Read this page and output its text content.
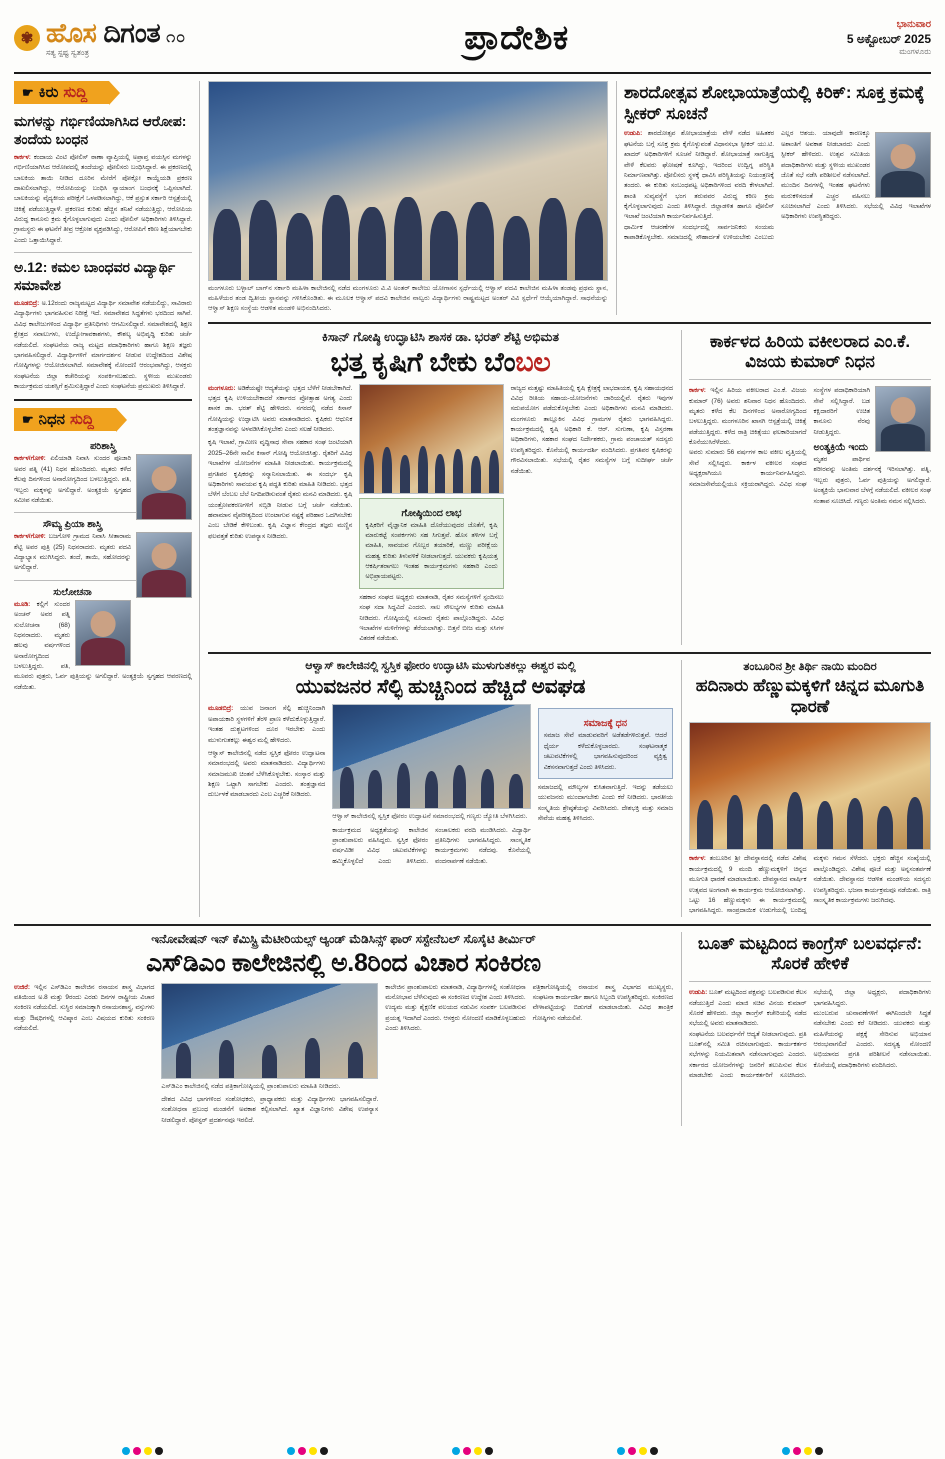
✾ ಹೊಸ ದಿಗಂತ
ಸತ್ಯ ಸ್ಪಷ್ಟ ಸ್ವತಂತ್ರ
೧೦	ಪ್ರಾದೇಶಿಕ	ಭಾನುವಾರ
5 ಅಕ್ಟೋಬರ್ 2025
ಮಂಗಳೂರು
☛ ಕಿರು ಸುದ್ದಿ
ಮಗಳನ್ನು ಗರ್ಭಿಣಿಯಾಗಿಸಿದ ಆರೋಪ: ತಂದೆಯ ಬಂಧನ
ಕಾರ್ಕಳ: ಕಂದಾಯ ವಿಂಟಿ ಪೋಲಿಸ್ ಠಾಣಾ ವ್ಯಾಪ್ತಿಯಲ್ಲಿ ಅಪ್ರಾಪ್ತ ವಯಸ್ಸಿನ ಮಗಳನ್ನು ಗರ್ಭಿಣಿಯಾಗಿಸಿದ ಆರೋಪದಲ್ಲಿ ತಂದೆಯನ್ನು ಪೋಲಿಸರು ಬಂಧಿಸಿದ್ದಾರೆ. ಈ ಪ್ರಕರಣದಲ್ಲಿ ಬಾಲಕಿಯ ತಾಯಿ ನೀಡಿದ ದೂರಿನ ಮೇರೆಗೆ ಪೋಕ್ಸೋ ಕಾಯ್ದೆಯಡಿ ಪ್ರಕರಣ ದಾಖಲಿಸಲಾಗಿದ್ದು, ಆರೋಪಿಯನ್ನು ಬಂಧಿಸಿ ನ್ಯಾಯಾಂಗ ಬಂಧನಕ್ಕೆ ಒಪ್ಪಿಸಲಾಗಿದೆ. ಬಾಲಕಿಯನ್ನು ವೈದ್ಯಕೀಯ ಪರೀಕ್ಷೆಗೆ ಒಳಪಡಿಸಲಾಗಿದ್ದು, ಆಕೆ ಪ್ರಸ್ತುತ ಸರ್ಕಾರಿ ಆಸ್ಪತ್ರೆಯಲ್ಲಿ ಚಿಕಿತ್ಸೆ ಪಡೆಯುತ್ತಿದ್ದಾಳೆ. ಪ್ರಕರಣದ ಕುರಿತು ಹೆಚ್ಚಿನ ತನಿಖೆ ನಡೆಯುತ್ತಿದ್ದು, ಆರೋಪಿಯ ವಿರುದ್ಧ ಕಾನೂನು ಕ್ರಮ ಕೈಗೊಳ್ಳಲಾಗುವುದು ಎಂದು ಪೋಲಿಸ್ ಅಧಿಕಾರಿಗಳು ತಿಳಿಸಿದ್ದಾರೆ. ಗ್ರಾಮಸ್ಥರು ಈ ಘಟನೆಗೆ ತೀವ್ರ ಆಕ್ರೋಶ ವ್ಯಕ್ತಪಡಿಸಿದ್ದು, ಆರೋಪಿಗೆ ಕಠಿಣ ಶಿಕ್ಷೆಯಾಗಬೇಕು ಎಂದು ಒತ್ತಾಯಿಸಿದ್ದಾರೆ.
ಅ.12: ಕಮಲ ಬಾಂಧವರ ವಿದ್ಯಾರ್ಥಿ ಸಮಾವೇಶ
ಮೂಡಬಿದ್ರೆ: ಅ.12ರಂದು ರಾಜ್ಯಮಟ್ಟದ ವಿದ್ಯಾರ್ಥಿ ಸಮಾವೇಶ ನಡೆಯಲಿದ್ದು, ಸಾವಿರಾರು ವಿದ್ಯಾರ್ಥಿಗಳು ಭಾಗವಹಿಸುವ ನಿರೀಕ್ಷೆ ಇದೆ. ಸಮಾವೇಶದ ಸಿದ್ಧತೆಗಳು ಭರದಿಂದ ಸಾಗಿವೆ. ವಿವಿಧ ಕಾಲೇಜುಗಳಿಂದ ವಿದ್ಯಾರ್ಥಿ ಪ್ರತಿನಿಧಿಗಳು ಆಗಮಿಸಲಿದ್ದಾರೆ. ಸಮಾವೇಶದಲ್ಲಿ ಶಿಕ್ಷಣ ಕ್ಷೇತ್ರದ ಸವಾಲುಗಳು, ಉದ್ಯೋಗಾವಕಾಶಗಳು, ಕೌಶಲ್ಯ ಅಭಿವೃದ್ಧಿ ಕುರಿತು ಚರ್ಚೆ ನಡೆಯಲಿದೆ. ಸಂಘಟನೆಯ ರಾಜ್ಯ ಮಟ್ಟದ ಪದಾಧಿಕಾರಿಗಳು ಹಾಗೂ ಶಿಕ್ಷಣ ತಜ್ಞರು ಭಾಗವಹಿಸಲಿದ್ದಾರೆ. ವಿದ್ಯಾರ್ಥಿಗಳಿಗೆ ಮಾರ್ಗದರ್ಶನ ನೀಡುವ ಉದ್ದೇಶದಿಂದ ವಿಶೇಷ ಗೋಷ್ಠಿಗಳನ್ನು ಆಯೋಜಿಸಲಾಗಿದೆ. ಸಮಾವೇಶಕ್ಕೆ ನೋಂದಣಿ ಆರಂಭವಾಗಿದ್ದು, ಆಸಕ್ತರು ಸಂಘಟನೆಯ ಜಿಲ್ಲಾ ಕಚೇರಿಯನ್ನು ಸಂಪರ್ಕಿಸಬಹುದು. ಸ್ಥಳೀಯ ಮುಖಂಡರು ಕಾರ್ಯಕ್ರಮದ ಯಶಸ್ಸಿಗೆ ಶ್ರಮಿಸುತ್ತಿದ್ದಾರೆ ಎಂದು ಸಂಘಟನೆಯ ಪ್ರಮುಖರು ತಿಳಿಸಿದ್ದಾರೆ.
☛ ನಿಧನ ಸುದ್ದಿ
ಪರಿಶಾಸ್ತ್ರಿ
ಕಾರ್ಕಳ/ಗೋಳಿ: ಏಲಿಯಾಡಿ ನಿವಾಸಿ ಸುಂದರ ಪೂಜಾರಿ ಅವರ ಪತ್ನಿ (41) ನಿಧನ ಹೊಂದಿದರು. ಮೃತರು ಕಳೆದ ಕೆಲವು ದಿನಗಳಿಂದ ಅನಾರೋಗ್ಯದಿಂದ ಬಳಲುತ್ತಿದ್ದರು. ಪತಿ, ಇಬ್ಬರು ಮಕ್ಕಳನ್ನು ಅಗಲಿದ್ದಾರೆ. ಅಂತ್ಯಕ್ರಿಯೆ ಸ್ವಗೃಹದ ಸಮೀಪ ನಡೆಯಿತು.
ಸೌಮ್ಯ ಪ್ರಿಯಾ ಶಾಸ್ತ್ರಿ
ಕಾರ್ಕಳ/ಗೋಳಿ: ಬಜಗೋಳಿ ಗ್ರಾಮದ ನಿವಾಸಿ ಸೀತಾರಾಮ ಶೆಟ್ಟಿ ಅವರ ಪುತ್ರಿ (25) ನಿಧನರಾದರು. ಮೃತರು ಪದವಿ ವಿದ್ಯಾಭ್ಯಾಸ ಮುಗಿಸಿದ್ದರು. ತಂದೆ, ತಾಯಿ, ಸಹೋದರನ್ನು ಅಗಲಿದ್ದಾರೆ.
ಸುಲೋಚನಾ
ಮೂಡಿ: ಕಲ್ಲಿಗೆ ಸುಂದರ ಅಂಚನ್ ಅವರ ಪತ್ನಿ ಸುಲೋಚನಾ (68) ನಿಧನರಾದರು. ಮೃತರು ಹಲವು ವರ್ಷಗಳಿಂದ ಅನಾರೋಗ್ಯದಿಂದ ಬಳಲುತ್ತಿದ್ದರು. ಪತಿ, ಮೂವರು ಪುತ್ರರು, ಓರ್ವ ಪುತ್ರಿಯನ್ನು ಅಗಲಿದ್ದಾರೆ. ಅಂತ್ಯಕ್ರಿಯೆ ಸ್ವಗೃಹದ ಆವರಣದಲ್ಲಿ ನಡೆಯಿತು.
ಮಂಗಳೂರು ಬಳ್ಳಾಲ್ ಬಾಗ್‌ನ ಸರ್ಕಾರಿ ಮಹಿಳಾ ಕಾಲೇಜಿನಲ್ಲಿ ನಡೆದ ಮಂಗಳೂರು ವಿ.ವಿ ಅಂತರ್ ಕಾಲೇಜು ಯೋಗಾಸನ ಸ್ಪರ್ಧೆಯಲ್ಲಿ ಆಳ್ವಾಸ್ ಪದವಿ ಕಾಲೇಜಿನ ಮಹಿಳಾ ತಂಡವು ಪ್ರಥಮ ಸ್ಥಾನ, ಮಹಿಳೆಯರ ತಂಡ ದ್ವಿತೀಯ ಸ್ಥಾನವನ್ನು ಗಳಿಸಿಕೊಂಡಿತು. ಈ ಮೂಲಕ ಆಳ್ವಾಸ್ ಪದವಿ ಕಾಲೇಜಿನ ನಾಲ್ವರು ವಿದ್ಯಾರ್ಥಿಗಳು ರಾಷ್ಟ್ರಮಟ್ಟದ ಅಂತರ್ ವಿವಿ ಸ್ಪರ್ಧೆಗೆ ಆಯ್ಕೆಯಾಗಿದ್ದಾರೆ. ಸಾಧನೆಯನ್ನು ಆಳ್ವಾಸ್ ಶಿಕ್ಷಣ ಸಂಸ್ಥೆಯ ಆಡಳಿತ ಮಂಡಳಿ ಅಭಿನಂದಿಸಿದರು.
ಶಾರದೋತ್ಸವ ಶೋಭಾಯಾತ್ರೆಯಲ್ಲಿ ಕಿರಿಕ್: ಸೂಕ್ತ ಕ್ರಮಕ್ಕೆ ಸ್ಪೀಕರ್ ಸೂಚನೆ
ಉಡುಪಿ: ಶಾರದೋತ್ಸವ ಶೋಭಾಯಾತ್ರೆಯ ವೇಳೆ ನಡೆದ ಅಹಿತಕರ ಘಟನೆಯ ಬಗ್ಗೆ ಸೂಕ್ತ ಕ್ರಮ ಕೈಗೊಳ್ಳುವಂತೆ ವಿಧಾನಸಭಾ ಸ್ಪೀಕರ್ ಯು.ಟಿ. ಖಾದರ್ ಅಧಿಕಾರಿಗಳಿಗೆ ಸೂಚನೆ ನೀಡಿದ್ದಾರೆ. ಶೋಭಾಯಾತ್ರೆ ಸಾಗುತ್ತಿದ್ದ ವೇಳೆ ಕೆಲವರು ಘೋಷಣೆ ಕೂಗಿದ್ದು, ಇದರಿಂದ ಉದ್ವಿಗ್ನ ಪರಿಸ್ಥಿತಿ ನಿರ್ಮಾಣವಾಗಿತ್ತು. ಪೋಲಿಸರು ಸ್ಥಳಕ್ಕೆ ಧಾವಿಸಿ ಪರಿಸ್ಥಿತಿಯನ್ನು ನಿಯಂತ್ರಣಕ್ಕೆ ತಂದರು. ಈ ಕುರಿತು ಸಂಬಂಧಪಟ್ಟ ಅಧಿಕಾರಿಗಳಿಂದ ವರದಿ ಕೇಳಲಾಗಿದೆ. ಶಾಂತಿ ಸುವ್ಯವಸ್ಥೆಗೆ ಭಂಗ ತರುವವರ ವಿರುದ್ಧ ಕಠಿಣ ಕ್ರಮ ಕೈಗೊಳ್ಳಲಾಗುವುದು ಎಂದು ತಿಳಿಸಿದ್ದಾರೆ. ಜಿಲ್ಲಾಡಳಿತ ಹಾಗೂ ಪೋಲಿಸ್ ಇಲಾಖೆ ಜಂಟಿಯಾಗಿ ಕಾರ್ಯನಿರ್ವಹಿಸುತ್ತಿದೆ.
ಧಾರ್ಮಿಕ ಆಚರಣೆಗಳ ಸಂದರ್ಭದಲ್ಲಿ ಸಾರ್ವಜನಿಕರು ಸಂಯಮ ಕಾಪಾಡಿಕೊಳ್ಳಬೇಕು. ಸಮಾಜದಲ್ಲಿ ಸೌಹಾರ್ದತೆ ಉಳಿಯಬೇಕು ಎಂಬುದು ಎಲ್ಲರ ಆಶಯ. ಯಾವುದೇ ಕಾರಣಕ್ಕೂ ಅಶಾಂತಿಗೆ ಅವಕಾಶ ನೀಡಬಾರದು ಎಂದು ಸ್ಪೀಕರ್ ಹೇಳಿದರು. ಉತ್ಸವ ಸಮಿತಿಯ ಪದಾಧಿಕಾರಿಗಳು ಮತ್ತು ಸ್ಥಳೀಯ ಮುಖಂಡರ ಜೊತೆ ಸಭೆ ನಡೆಸಿ ಪರಿಶೀಲನೆ ನಡೆಸಲಾಗಿದೆ. ಮುಂದಿನ ದಿನಗಳಲ್ಲಿ ಇಂತಹ ಘಟನೆಗಳು ಮರುಕಳಿಸದಂತೆ ಎಚ್ಚರ ವಹಿಸಲು ಸೂಚಿಸಲಾಗಿದೆ ಎಂದು ತಿಳಿಸಿದರು. ಸಭೆಯಲ್ಲಿ ವಿವಿಧ ಇಲಾಖೆಗಳ ಅಧಿಕಾರಿಗಳು ಉಪಸ್ಥಿತರಿದ್ದರು.
ಕಿಸಾನ್ ಗೋಷ್ಠಿ ಉದ್ಘಾಟಿಸಿ ಶಾಸಕ ಡಾ. ಭರತ್ ಶೆಟ್ಟಿ ಅಭಿಮತ
ಭತ್ತ ಕೃಷಿಗೆ ಬೇಕು ಬೆಂಬಲ
ಮಂಗಳೂರು: ಅಡಿಕೆಯಷ್ಟೇ ಆದ್ಯತೆಯನ್ನು ಭತ್ತದ ಬೆಳೆಗೆ ನೀಡಬೇಕಾಗಿದೆ. ಭತ್ತದ ಕೃಷಿ ಉಳಿಯಬೇಕಾದರೆ ಸರ್ಕಾರದ ಪ್ರೋತ್ಸಾಹ ಅಗತ್ಯ ಎಂದು ಶಾಸಕ ಡಾ. ಭರತ್ ಶೆಟ್ಟಿ ಹೇಳಿದರು. ನಗರದಲ್ಲಿ ನಡೆದ ಕಿಸಾನ್ ಗೋಷ್ಠಿಯನ್ನು ಉದ್ಘಾಟಿಸಿ ಅವರು ಮಾತನಾಡಿದರು. ಕೃಷಿಕರು ಆಧುನಿಕ ತಂತ್ರಜ್ಞಾನವನ್ನು ಅಳವಡಿಸಿಕೊಳ್ಳಬೇಕು ಎಂದು ಸಲಹೆ ನೀಡಿದರು.
ಕೃಷಿ ಇಲಾಖೆ, ಗ್ರಾಮೀಣ ವೃದ್ಧಿಸಾಧ ಸೇವಾ ಸಹಕಾರ ಸಂಘ ಜಂಟಿಯಾಗಿ 2025–26ನೇ ಸಾಲಿನ ಕಿಸಾನ್ ಗೋಷ್ಠಿ ಆಯೋಜಿಸಿತ್ತು. ರೈತರಿಗೆ ವಿವಿಧ ಇಲಾಖೆಗಳ ಯೋಜನೆಗಳ ಮಾಹಿತಿ ನೀಡಲಾಯಿತು. ಕಾರ್ಯಕ್ರಮದಲ್ಲಿ ಪ್ರಗತಿಪರ ಕೃಷಿಕರನ್ನು ಸನ್ಮಾನಿಸಲಾಯಿತು. ಈ ಸಂದರ್ಭ ಕೃಷಿ ಅಧಿಕಾರಿಗಳು ಸಾವಯವ ಕೃಷಿ ಪದ್ಧತಿ ಕುರಿತು ಮಾಹಿತಿ ನೀಡಿದರು. ಭತ್ತದ ಬೆಳೆಗೆ ಬೆಂಬಲ ಬೆಲೆ ನಿಗದಿಪಡಿಸುವಂತೆ ರೈತರು ಮನವಿ ಮಾಡಿದರು. ಕೃಷಿ ಯಂತ್ರೋಪಕರಣಗಳಿಗೆ ಸಬ್ಸಿಡಿ ನೀಡುವ ಬಗ್ಗೆ ಚರ್ಚೆ ನಡೆಯಿತು. ಹವಾಮಾನ ವೈಪರೀತ್ಯದಿಂದ ಉಂಟಾಗುವ ನಷ್ಟಕ್ಕೆ ಪರಿಹಾರ ಒದಗಿಸಬೇಕು ಎಂಬ ಬೇಡಿಕೆ ಕೇಳಿಬಂತು. ಕೃಷಿ ವಿಜ್ಞಾನ ಕೇಂದ್ರದ ತಜ್ಞರು ಮಣ್ಣಿನ ಫಲವತ್ತತೆ ಕುರಿತು ಉಪನ್ಯಾಸ ನೀಡಿದರು.
ಗೋಷ್ಠಿಯಿಂದ ಲಾಭ
ಕೃಷಿಕರಿಗೆ ವೈಜ್ಞಾನಿಕ ಮಾಹಿತಿ ದೊರೆಯುವುದರ ಜೊತೆಗೆ, ಕೃಷಿ ಮಾರುಕಟ್ಟೆ ಸಂಪರ್ಕಗಳು ಸಹ ಸಿಗುತ್ತವೆ. ಹೊಸ ತಳಿಗಳ ಬಗ್ಗೆ ಮಾಹಿತಿ, ಸಾವಯವ ಗೊಬ್ಬರ ತಯಾರಿಕೆ, ಮಣ್ಣು ಪರೀಕ್ಷೆಯ ಮಹತ್ವ ಕುರಿತು ತಿಳುವಳಿಕೆ ನೀಡಲಾಗುತ್ತದೆ. ಯುವಕರು ಕೃಷಿಯತ್ತ ಆಕರ್ಷಿತರಾಗಲು ಇಂತಹ ಕಾರ್ಯಕ್ರಮಗಳು ಸಹಕಾರಿ ಎಂದು ಅಭಿಪ್ರಾಯಪಟ್ಟರು.
ಸಹಕಾರ ಸಂಘದ ಅಧ್ಯಕ್ಷರು ಮಾತನಾಡಿ, ರೈತರ ಸಮಸ್ಯೆಗಳಿಗೆ ಸ್ಪಂದಿಸಲು ಸಂಘ ಸದಾ ಸಿದ್ಧವಿದೆ ಎಂದರು. ಸಾಲ ಸೌಲಭ್ಯಗಳ ಕುರಿತು ಮಾಹಿತಿ ನೀಡಿದರು. ಗೋಷ್ಠಿಯಲ್ಲಿ ನೂರಾರು ರೈತರು ಪಾಲ್ಗೊಂಡಿದ್ದರು. ವಿವಿಧ ಇಲಾಖೆಗಳ ಮಳಿಗೆಗಳನ್ನು ತೆರೆಯಲಾಗಿತ್ತು. ಬಿತ್ತನೆ ಬೀಜ ಮತ್ತು ಸಸಿಗಳ ವಿತರಣೆ ನಡೆಯಿತು.
ರಾಜ್ಯದ ಮತ್ತಷ್ಟು ಮಾಹಿತಿಯಲ್ಲಿ ಕೃಷಿ ಕ್ಷೇತ್ರಕ್ಕೆ ಲಾಭದಾಯಕ, ಕೃಷಿ ಸಹಾಯಧನದ ವಿವಿಧ ರೀತಿಯ ಸಹಾಯ-ಯೋಜನೆಗಳು ಜಾರಿಯಲ್ಲಿವೆ. ರೈತರು ಇವುಗಳ ಸದುಪಯೋಗ ಪಡೆದುಕೊಳ್ಳಬೇಕು ಎಂದು ಅಧಿಕಾರಿಗಳು ಮನವಿ ಮಾಡಿದರು. ಮಂಗಳೂರು ತಾಲ್ಲೂಕಿನ ವಿವಿಧ ಗ್ರಾಮಗಳ ರೈತರು ಭಾಗವಹಿಸಿದ್ದರು. ಕಾರ್ಯಕ್ರಮದಲ್ಲಿ ಕೃಷಿ ಅಧಿಕಾರಿ ಕೆ. ಆರ್. ಸುಗುಣಾ, ಕೃಷಿ ವಿಸ್ತರಣಾ ಅಧಿಕಾರಿಗಳು, ಸಹಕಾರ ಸಂಘದ ನಿರ್ದೇಶಕರು, ಗ್ರಾಮ ಪಂಚಾಯತ್ ಸದಸ್ಯರು ಉಪಸ್ಥಿತರಿದ್ದರು. ಕೊನೆಯಲ್ಲಿ ಕಾರ್ಯದರ್ಶಿ ವಂದಿಸಿದರು. ಪ್ರಗತಿಪರ ಕೃಷಿಕರನ್ನು ಗೌರವಿಸಲಾಯಿತು. ಸಭೆಯಲ್ಲಿ ರೈತರ ಸಮಸ್ಯೆಗಳ ಬಗ್ಗೆ ಸುದೀರ್ಘ ಚರ್ಚೆ ನಡೆಯಿತು.
ಕಾರ್ಕಳದ ಹಿರಿಯ ವಕೀಲರಾದ ಎಂ.ಕೆ. ವಿಜಯ ಕುಮಾರ್ ನಿಧನ
ಕಾರ್ಕಳ: ಇಲ್ಲಿನ ಹಿರಿಯ ವಕೀಲರಾದ ಎಂ.ಕೆ. ವಿಜಯ ಕುಮಾರ್ (76) ಅವರು ಶನಿವಾರ ನಿಧನ ಹೊಂದಿದರು. ಮೃತರು ಕಳೆದ ಕೆಲ ದಿನಗಳಿಂದ ಅನಾರೋಗ್ಯದಿಂದ ಬಳಲುತ್ತಿದ್ದರು. ಮಂಗಳೂರಿನ ಖಾಸಗಿ ಆಸ್ಪತ್ರೆಯಲ್ಲಿ ಚಿಕಿತ್ಸೆ ಪಡೆಯುತ್ತಿದ್ದರು. ಕಳೆದ ರಾತ್ರಿ ಚಿಕಿತ್ಸೆಯು ಫಲಕಾರಿಯಾಗದೆ ಕೊನೆಯುಸಿರೆಳೆದರು.
ಅವರು ಸುಮಾರು 56 ವರ್ಷಗಳ ಕಾಲ ವಕೀಲ ವೃತ್ತಿಯಲ್ಲಿ ಸೇವೆ ಸಲ್ಲಿಸಿದ್ದರು. ಕಾರ್ಕಳ ವಕೀಲರ ಸಂಘದ ಅಧ್ಯಕ್ಷರಾಗಿಯೂ ಕಾರ್ಯನಿರ್ವಹಿಸಿದ್ದರು. ಸಮಾಜಸೇವೆಯಲ್ಲಿಯೂ ಸಕ್ರಿಯರಾಗಿದ್ದರು. ವಿವಿಧ ಸಂಘ ಸಂಸ್ಥೆಗಳ ಪದಾಧಿಕಾರಿಯಾಗಿ ಸೇವೆ ಸಲ್ಲಿಸಿದ್ದಾರೆ. ಬಡ ಕಕ್ಷಿದಾರರಿಗೆ ಉಚಿತ ಕಾನೂನು ನೆರವು ನೀಡುತ್ತಿದ್ದರು.
ಅಂತ್ಯಕ್ರಿಯೆ ಇಂದು
ಮೃತರ ಪಾರ್ಥಿವ ಶರೀರವನ್ನು ಅಂತಿಮ ದರ್ಶನಕ್ಕೆ ಇರಿಸಲಾಗಿತ್ತು. ಪತ್ನಿ, ಇಬ್ಬರು ಪುತ್ರರು, ಓರ್ವ ಪುತ್ರಿಯನ್ನು ಅಗಲಿದ್ದಾರೆ. ಅಂತ್ಯಕ್ರಿಯೆ ಭಾನುವಾರ ಬೆಳಗ್ಗೆ ನಡೆಯಲಿದೆ. ವಕೀಲರ ಸಂಘ ಸಂತಾಪ ಸೂಚಿಸಿದೆ. ಗಣ್ಯರು ಅಂತಿಮ ನಮನ ಸಲ್ಲಿಸಿದರು.
ಆಳ್ವಾಸ್ ಕಾಲೇಜಿನಲ್ಲಿ ಸ್ವಸ್ತಿಕ ಫೋರಂ ಉದ್ಘಾಟಿಸಿ ಮುಳುಗುತಕಲ್ಲು ಈಶ್ವರ ಮಲ್ಲಿ
ಯುವಜನರ ಸೆಲ್ಫಿ ಹುಚ್ಚಿನಿಂದ ಹೆಚ್ಚಿದೆ ಅವಘಡ
ಮೂಡಬಿದ್ರೆ: ಯುವ ಜನಾಂಗ ಸೆಲ್ಫಿ ಹುಚ್ಚಿನಿಂದಾಗಿ ಅಪಾಯಕಾರಿ ಸ್ಥಳಗಳಿಗೆ ತೆರಳಿ ಪ್ರಾಣ ಕಳೆದುಕೊಳ್ಳುತ್ತಿದ್ದಾರೆ. ಇಂತಹ ದುಶ್ಚಟಗಳಿಂದ ದೂರ ಇರಬೇಕು ಎಂದು ಮುಳುಗುತಕಲ್ಲು ಈಶ್ವರ ಮಲ್ಲಿ ಹೇಳಿದರು.
ಆಳ್ವಾಸ್ ಕಾಲೇಜಿನಲ್ಲಿ ನಡೆದ ಸ್ವಸ್ತಿಕ ಫೋರಂ ಉದ್ಘಾಟನಾ ಸಮಾರಂಭದಲ್ಲಿ ಅವರು ಮಾತನಾಡಿದರು. ವಿದ್ಯಾರ್ಥಿಗಳು ಸಮಾಜಮುಖಿ ಚಿಂತನೆ ಬೆಳೆಸಿಕೊಳ್ಳಬೇಕು. ಸಂಸ್ಕಾರ ಮತ್ತು ಶಿಕ್ಷಣ ಒಟ್ಟಾಗಿ ಸಾಗಬೇಕು ಎಂದರು. ತಂತ್ರಜ್ಞಾನದ ದುರ್ಬಳಕೆ ಮಾಡಬಾರದು ಎಂಬ ಎಚ್ಚರಿಕೆ ನೀಡಿದರು.
ಆಳ್ವಾಸ್ ಕಾಲೇಜಿನಲ್ಲಿ ಸ್ವಸ್ತಿಕ ಫೋರಂ ಉದ್ಘಾಟನೆ ಸಮಾರಂಭದಲ್ಲಿ ಗಣ್ಯರು ಜ್ಯೋತಿ ಬೆಳಗಿಸಿದರು.
ಕಾರ್ಯಕ್ರಮದ ಅಧ್ಯಕ್ಷತೆಯನ್ನು ಕಾಲೇಜಿನ ಪ್ರಾಂಶುಪಾಲರು ವಹಿಸಿದ್ದರು. ಸ್ವಸ್ತಿಕ ಫೋರಂ ವರ್ಷವಿಡೀ ವಿವಿಧ ಚಟುವಟಿಕೆಗಳನ್ನು ಹಮ್ಮಿಕೊಳ್ಳಲಿದೆ ಎಂದು ತಿಳಿಸಿದರು. ಸಂಚಾಲಕರು ವರದಿ ಮಂಡಿಸಿದರು. ವಿದ್ಯಾರ್ಥಿ ಪ್ರತಿನಿಧಿಗಳು ಭಾಗವಹಿಸಿದ್ದರು. ಸಾಂಸ್ಕೃತಿಕ ಕಾರ್ಯಕ್ರಮಗಳು ನಡೆದವು. ಕೊನೆಯಲ್ಲಿ ವಂದನಾರ್ಪಣೆ ನಡೆಯಿತು.
ಸಮಾಜಕ್ಕೆ ಧನ
ಸಮಾಜ ಸೇವೆ ಮಾಡುವವರಿಗೆ ಅಡೆತಡೆಗಳಿರುತ್ತವೆ. ಆದರೆ ಧೈರ್ಯ ಕಳೆದುಕೊಳ್ಳಬಾರದು. ಸಂಘಟನಾತ್ಮಕ ಚಟುವಟಿಕೆಗಳಲ್ಲಿ ಭಾಗವಹಿಸುವುದರಿಂದ ವ್ಯಕ್ತಿತ್ವ ವಿಕಸನವಾಗುತ್ತದೆ ಎಂದು ತಿಳಿಸಿದರು.
ಸಮಾಜದಲ್ಲಿ ಮೌಲ್ಯಗಳ ಕುಸಿತವಾಗುತ್ತಿದೆ. ಇದನ್ನು ತಡೆಯಲು ಯುವಜನರು ಮುಂದಾಗಬೇಕು ಎಂದು ಕರೆ ನೀಡಿದರು. ಭಾರತೀಯ ಸಂಸ್ಕೃತಿಯ ಶ್ರೇಷ್ಠತೆಯನ್ನು ವಿವರಿಸಿದರು. ದೇಶಭಕ್ತಿ ಮತ್ತು ಸಮಾಜ ಸೇವೆಯ ಮಹತ್ವ ತಿಳಿಸಿದರು.
ತಂಬೂರಿನ ಶ್ರೀ ತಿರ್ಥಿ ನಾಯಿ ಮಂದಿರ
ಹದಿನಾರು ಹೆಣ್ಣುಮಕ್ಕಳಿಗೆ ಚಿನ್ನದ ಮೂಗುತಿ ಧಾರಣೆ
ಕಾರ್ಕಳ: ತಂಬೂರಿನ ಶ್ರೀ ದೇವಸ್ಥಾನದಲ್ಲಿ ನಡೆದ ವಿಶೇಷ ಕಾರ್ಯಕ್ರಮದಲ್ಲಿ 9 ಮಂದಿ ಹೆಣ್ಣುಮಕ್ಕಳಿಗೆ ಚಿನ್ನದ ಮೂಗುತಿ ಧಾರಣೆ ಮಾಡಲಾಯಿತು. ದೇವಸ್ಥಾನದ ವಾರ್ಷಿಕ ಉತ್ಸವದ ಅಂಗವಾಗಿ ಈ ಕಾರ್ಯಕ್ರಮ ಆಯೋಜಿಸಲಾಗಿತ್ತು.
ಒಟ್ಟು 16 ಹೆಣ್ಣುಮಕ್ಕಳು ಈ ಕಾರ್ಯಕ್ರಮದಲ್ಲಿ ಭಾಗವಹಿಸಿದ್ದರು. ಸಾಂಪ್ರದಾಯಿಕ ಉಡುಗೆಯಲ್ಲಿ ಬಂದಿದ್ದ ಮಕ್ಕಳು ಗಮನ ಸೆಳೆದರು. ಭಕ್ತರು ಹೆಚ್ಚಿನ ಸಂಖ್ಯೆಯಲ್ಲಿ ಪಾಲ್ಗೊಂಡಿದ್ದರು. ವಿಶೇಷ ಪೂಜೆ ಮತ್ತು ಅನ್ನಸಂತರ್ಪಣೆ ನಡೆಯಿತು. ದೇವಸ್ಥಾನದ ಆಡಳಿತ ಮಂಡಳಿಯ ಸದಸ್ಯರು ಉಪಸ್ಥಿತರಿದ್ದರು. ಭಜನಾ ಕಾರ್ಯಕ್ರಮವೂ ನಡೆಯಿತು. ರಾತ್ರಿ ಸಾಂಸ್ಕೃತಿಕ ಕಾರ್ಯಕ್ರಮಗಳು ಜರುಗಿದವು.
ಇನೋವೇಷನ್ ಇನ್ ಕೆಮಿಸ್ಟ್ರಿ ಮೆಟೀರಿಯಲ್ಸ್ ಆ್ಯಂಡ್ ಮೆಡಿಸಿನ್ಸ್ ಫಾರ್ ಸಸ್ಟೇನೆಬಲ್ ಸೊಸೈಟಿ ತೀರ್ಮಿರ್
ಎಸ್‌ಡಿಎಂ ಕಾಲೇಜಿನಲ್ಲಿ ಅ.8ರಿಂದ ವಿಚಾರ ಸಂಕಿರಣ
ಉಜಿರೆ: ಇಲ್ಲಿನ ಎಸ್‌ಡಿಎಂ ಕಾಲೇಜಿನ ರಸಾಯನ ಶಾಸ್ತ್ರ ವಿಭಾಗದ ವತಿಯಿಂದ ಅ.8 ಮತ್ತು 9ರಂದು ಎರಡು ದಿನಗಳ ರಾಷ್ಟ್ರೀಯ ವಿಚಾರ ಸಂಕಿರಣ ನಡೆಯಲಿದೆ. ಸುಸ್ಥಿರ ಸಮಾಜಕ್ಕಾಗಿ ರಸಾಯನಶಾಸ್ತ್ರ, ವಸ್ತುಗಳು ಮತ್ತು ಔಷಧಿಗಳಲ್ಲಿ ಆವಿಷ್ಕಾರ ಎಂಬ ವಿಷಯದ ಕುರಿತು ಸಂಕಿರಣ ನಡೆಯಲಿದೆ.
ಎಸ್‌ಡಿಎಂ ಕಾಲೇಜಿನಲ್ಲಿ ನಡೆದ ಪತ್ರಿಕಾಗೋಷ್ಠಿಯಲ್ಲಿ ಪ್ರಾಂಶುಪಾಲರು ಮಾಹಿತಿ ನೀಡಿದರು.
ದೇಶದ ವಿವಿಧ ಭಾಗಗಳಿಂದ ಸಂಶೋಧಕರು, ಪ್ರಾಧ್ಯಾಪಕರು ಮತ್ತು ವಿದ್ಯಾರ್ಥಿಗಳು ಭಾಗವಹಿಸಲಿದ್ದಾರೆ. ಸಂಶೋಧನಾ ಪ್ರಬಂಧ ಮಂಡನೆಗೆ ಅವಕಾಶ ಕಲ್ಪಿಸಲಾಗಿದೆ. ಖ್ಯಾತ ವಿಜ್ಞಾನಿಗಳು ವಿಶೇಷ ಉಪನ್ಯಾಸ ನೀಡಲಿದ್ದಾರೆ. ಪೋಸ್ಟರ್ ಪ್ರದರ್ಶನವೂ ಇರಲಿದೆ.
ಕಾಲೇಜಿನ ಪ್ರಾಂಶುಪಾಲರು ಮಾತನಾಡಿ, ವಿದ್ಯಾರ್ಥಿಗಳಲ್ಲಿ ಸಂಶೋಧನಾ ಮನೋಭಾವ ಬೆಳೆಸುವುದು ಈ ಸಂಕಿರಣದ ಉದ್ದೇಶ ಎಂದು ತಿಳಿಸಿದರು. ಉದ್ಯಮ ಮತ್ತು ಶೈಕ್ಷಣಿಕ ವಲಯದ ನಡುವಿನ ಸಂಪರ್ಕ ಬಲಪಡಿಸುವ ಪ್ರಯತ್ನ ಇದಾಗಿದೆ ಎಂದರು. ಆಸಕ್ತರು ನೋಂದಣಿ ಮಾಡಿಕೊಳ್ಳಬಹುದು ಎಂದು ತಿಳಿಸಿದರು.
ಪತ್ರಿಕಾಗೋಷ್ಠಿಯಲ್ಲಿ ರಸಾಯನ ಶಾಸ್ತ್ರ ವಿಭಾಗದ ಮುಖ್ಯಸ್ಥರು, ಸಂಘಟನಾ ಕಾರ್ಯದರ್ಶಿ ಹಾಗೂ ಸಿಬ್ಬಂದಿ ಉಪಸ್ಥಿತರಿದ್ದರು. ಸಂಕಿರಣದ ವೇಳಾಪಟ್ಟಿಯನ್ನು ಬಿಡುಗಡೆ ಮಾಡಲಾಯಿತು. ವಿವಿಧ ತಾಂತ್ರಿಕ ಗೋಷ್ಠಿಗಳು ನಡೆಯಲಿವೆ.
ಬೂತ್ ಮಟ್ಟದಿಂದ ಕಾಂಗ್ರೆಸ್ ಬಲವರ್ಧನೆ: ಸೊರಕೆ ಹೇಳಿಕೆ
ಉಡುಪಿ: ಬೂತ್ ಮಟ್ಟದಿಂದ ಪಕ್ಷವನ್ನು ಬಲಪಡಿಸುವ ಕೆಲಸ ನಡೆಯುತ್ತಿದೆ ಎಂದು ಮಾಜಿ ಸಚಿವ ವಿನಯ ಕುಮಾರ್ ಸೊರಕೆ ಹೇಳಿದರು. ಜಿಲ್ಲಾ ಕಾಂಗ್ರೆಸ್ ಕಚೇರಿಯಲ್ಲಿ ನಡೆದ ಸಭೆಯಲ್ಲಿ ಅವರು ಮಾತನಾಡಿದರು.
ಸಂಘಟನೆಯ ಬಲವರ್ಧನೆಗೆ ಆದ್ಯತೆ ನೀಡಲಾಗುವುದು. ಪ್ರತಿ ಬೂತ್‌ನಲ್ಲಿ ಸಮಿತಿ ರಚಿಸಲಾಗುವುದು. ಕಾರ್ಯಕರ್ತರ ಸಭೆಗಳನ್ನು ನಿಯಮಿತವಾಗಿ ನಡೆಸಲಾಗುವುದು ಎಂದರು. ಸರ್ಕಾರದ ಯೋಜನೆಗಳನ್ನು ಜನರಿಗೆ ತಲುಪಿಸುವ ಕೆಲಸ ಮಾಡಬೇಕು ಎಂದು ಕಾರ್ಯಕರ್ತರಿಗೆ ಸೂಚಿಸಿದರು. ಸಭೆಯಲ್ಲಿ ಜಿಲ್ಲಾ ಅಧ್ಯಕ್ಷರು, ಪದಾಧಿಕಾರಿಗಳು ಭಾಗವಹಿಸಿದ್ದರು.
ಮುಂಬರುವ ಚುನಾವಣೆಗಳಿಗೆ ಈಗಿನಿಂದಲೇ ಸಿದ್ಧತೆ ನಡೆಸಬೇಕು ಎಂದು ಕರೆ ನೀಡಿದರು. ಯುವಕರು ಮತ್ತು ಮಹಿಳೆಯರನ್ನು ಪಕ್ಷಕ್ಕೆ ಸೇರಿಸುವ ಅಭಿಯಾನ ಆರಂಭವಾಗಲಿದೆ ಎಂದರು. ಸದಸ್ಯತ್ವ ನೋಂದಣಿ ಅಭಿಯಾನದ ಪ್ರಗತಿ ಪರಿಶೀಲನೆ ನಡೆಸಲಾಯಿತು. ಕೊನೆಯಲ್ಲಿ ಪದಾಧಿಕಾರಿಗಳು ವಂದಿಸಿದರು.
